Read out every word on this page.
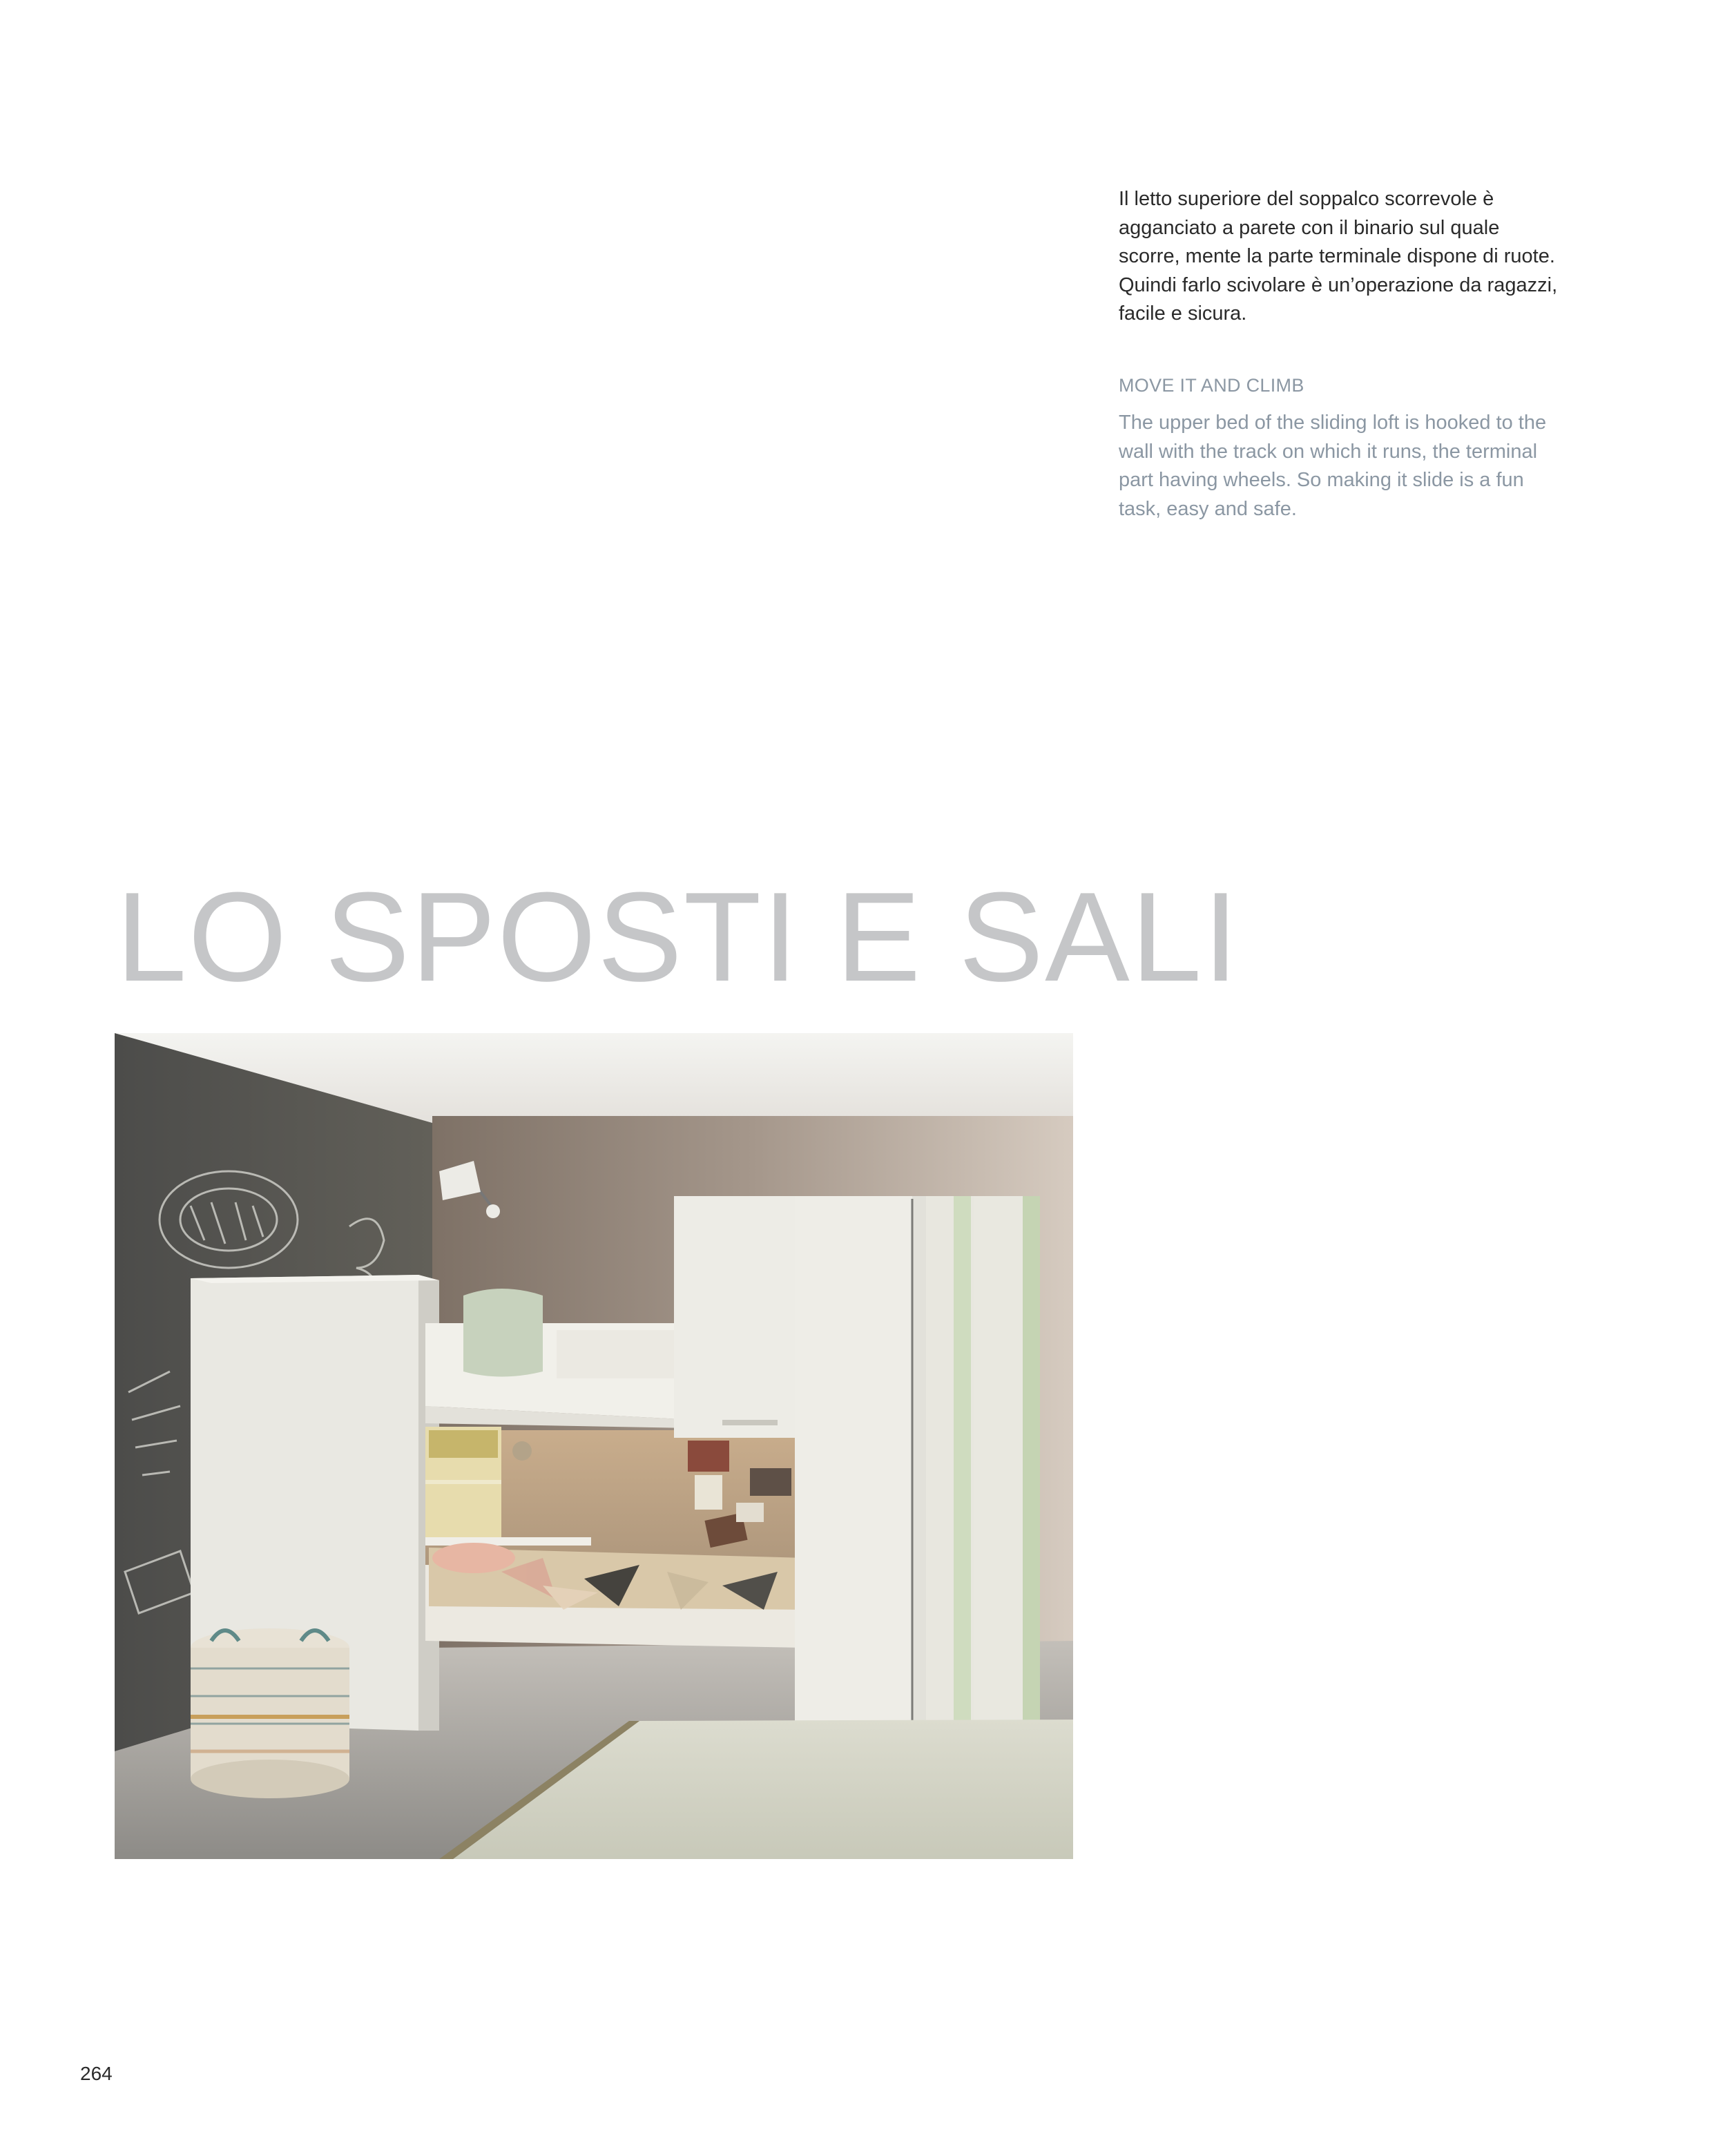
Il letto superiore del soppalco scorrevole è agganciato a parete con il binario sul quale scorre, mente la parte terminale dispone di ruote. Quindi farlo scivolare è un’operazione da ragazzi, facile e sicura.

MOVE IT AND CLIMB

The upper bed of the sliding loft is hooked to the wall with the track on which it runs, the terminal part having wheels. So making it slide is a fun task, easy and safe.

LO SPOSTI E SALI

264
